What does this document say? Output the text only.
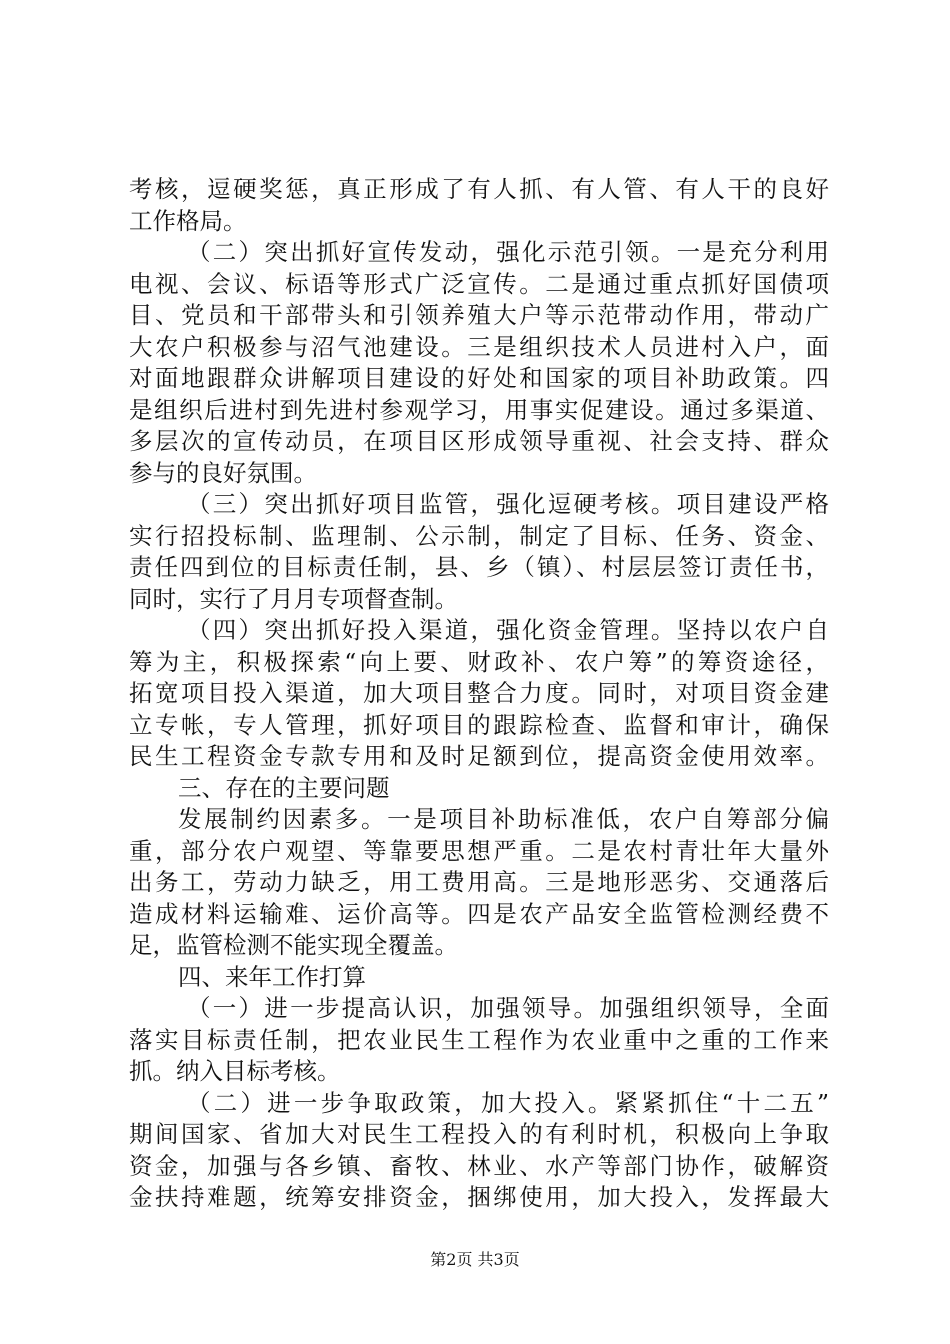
考核，逗硬奖惩，真正形成了有人抓、有人管、有人干的良好
工作格局。
（二）突出抓好宣传发动，强化示范引领。一是充分利用
电视、会议、标语等形式广泛宣传。二是通过重点抓好国债项
目、党员和干部带头和引领养殖大户等示范带动作用，带动广
大农户积极参与沼气池建设。三是组织技术人员进村入户，面
对面地跟群众讲解项目建设的好处和国家的项目补助政策。四
是组织后进村到先进村参观学习，用事实促建设。通过多渠道、
多层次的宣传动员，在项目区形成领导重视、社会支持、群众
参与的良好氛围。
（三）突出抓好项目监管，强化逗硬考核。项目建设严格
实行招投标制、监理制、公示制，制定了目标、任务、资金、
责任四到位的目标责任制，县、乡（镇）、村层层签订责任书，
同时，实行了月月专项督查制。
（四）突出抓好投入渠道，强化资金管理。坚持以农户自
筹为主，积极探索“向上要、财政补、农户筹”的筹资途径，
拓宽项目投入渠道，加大项目整合力度。同时，对项目资金建
立专帐，专人管理，抓好项目的跟踪检查、监督和审计，确保
民生工程资金专款专用和及时足额到位，提高资金使用效率。
三、存在的主要问题
发展制约因素多。一是项目补助标准低，农户自筹部分偏
重，部分农户观望、等靠要思想严重。二是农村青壮年大量外
出务工，劳动力缺乏，用工费用高。三是地形恶劣、交通落后
造成材料运输难、运价高等。四是农产品安全监管检测经费不
足，监管检测不能实现全覆盖。
四、来年工作打算
（一）进一步提高认识，加强领导。加强组织领导，全面
落实目标责任制，把农业民生工程作为农业重中之重的工作来
抓。纳入目标考核。
（二）进一步争取政策，加大投入。紧紧抓住“十二五”
期间国家、省加大对民生工程投入的有利时机，积极向上争取
资金，加强与各乡镇、畜牧、林业、水产等部门协作，破解资
金扶持难题，统筹安排资金，捆绑使用，加大投入，发挥最大
第2页 共3页
